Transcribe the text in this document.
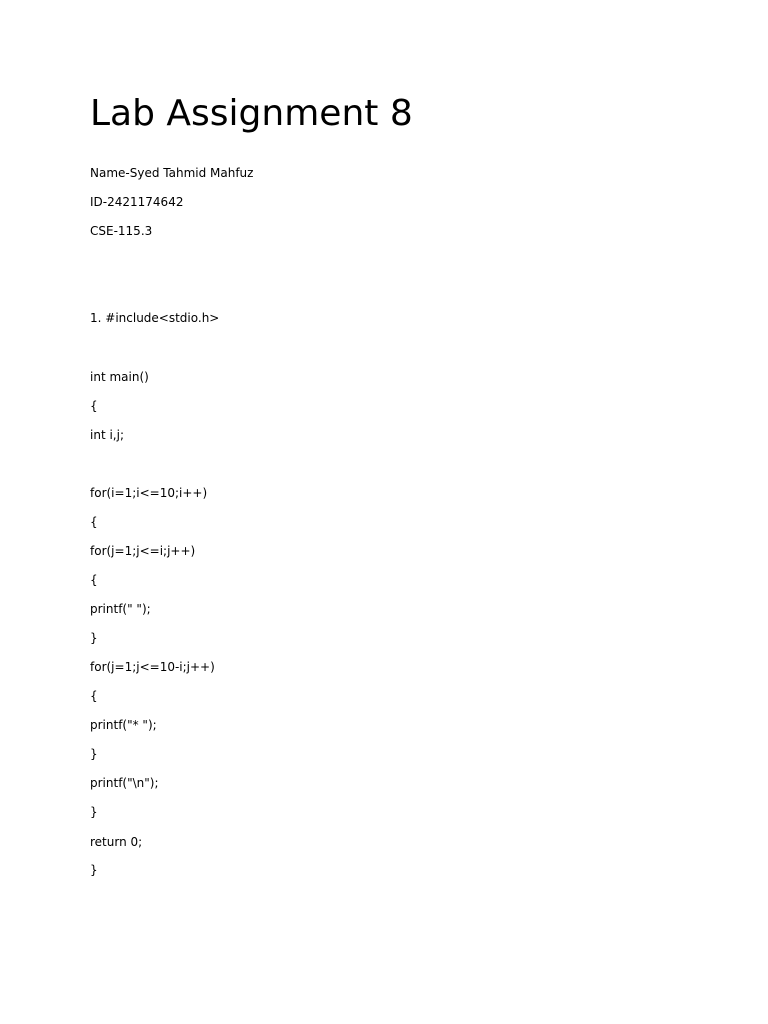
Lab Assignment 8
Name-Syed Tahmid Mahfuz
ID-2421174642
CSE-115.3
1. #include<stdio.h>
int main()
{
int i,j;
for(i=1;i<=10;i++)
{
for(j=1;j<=i;j++)
{
printf(" ");
}
for(j=1;j<=10-i;j++)
{
printf("* ");
}
printf("\n");
}
return 0;
}
